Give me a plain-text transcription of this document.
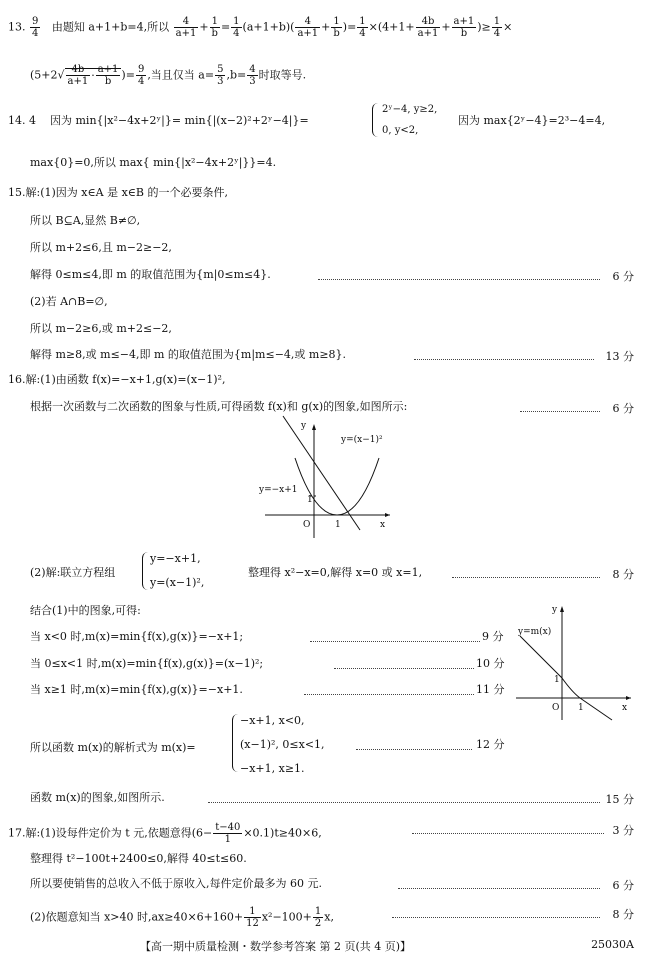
13. $\frac{9}{4}$ 由题知 a+1+b=4,所以 $\frac{4}{a+1} + \frac{1}{b} = \frac{1}{4} (a+1+b)( \frac{4}{a+1} + \frac{1}{b}$ )= $\frac{1}{4} \times(4+1+ \frac{4b}{a+1} + \frac{a+1}{b}$ )≥ $\frac{1}{4}$ ×
($5+2√ \frac{4b}{a+1} \cdot \frac{a+1}{b}$ )= $\frac{9}{4}$ ,当且仅当 $a= \frac{5}{3} ,b= \frac{4}{3}$ 时取等号.
14. 4 因为 min{|x²−4x+2ʸ|}= min{|(x−2)²+2ʸ−4|}=
2ʸ−4, y≥2,
0, y<2,
因为 max{2ʸ−4}=2³−4=4,
max{0}=0,所以 max{ min{|x²−4x+2ʸ|}}=4.
15.解:(1)因为 x∈A 是 x∈B 的一个必要条件,
所以 B⊆A,显然 B≠∅,
所以 m+2≤6,且 m−2≥−2,
解得 0≤m≤4,即 m 的取值范围为{m|0≤m≤4}.	6 分
(2)若 A∩B=∅,
所以 m−2≥6,或 m+2≤−2,
解得 m≥8,或 m≤−4,即 m 的取值范围为{m|m≤−4,或 m≥8}.	13 分
16.解:(1)由函数 f(x)=−x+1,g(x)=(x−1)²,
根据一次函数与二次函数的图象与性质,可得函数 f(x)和 g(x)的图象,如图所示:	6 分
y
x
O	1
1
y=(x−1)²
y=−x+1
(2)解:联立方程组
y=−x+1,
y=(x−1)²,
整理得 x²−x=0,解得 x=0 或 x=1,	8 分
结合(1)中的图象,可得:
当 x<0 时,m(x)=min{f(x),g(x)}=−x+1;	9 分
当 0≤x<1 时,m(x)=min{f(x),g(x)}=(x−1)²;	10 分
当 x≥1 时,m(x)=min{f(x),g(x)}=−x+1.	11 分
y
x
O 1
1
y=m(x)
所以函数 m(x)的解析式为 m(x)=
−x+1, x<0,
(x−1)², 0≤x<1,	12 分
−x+1, x≥1.
函数 m(x)的图象,如图所示.	15 分
17.解:(1)设每件定价为 t 元,依题意得$(6- \frac{t-40}{1} \times 0.1)t\ge 40\times 6$,	3 分
整理得 t²−100t+2400≤0,解得 40≤t≤60.
所以要使销售的总收入不低于原收入,每件定价最多为 60 元.	6 分
(2)依题意知当 x>40 时$,ax\ge 40\times 6+160+ \frac{1}{12} x^2-100+ \frac{1}{2} x$,	8 分
【高一期中质量检测・数学参考答案 第 2 页(共 4 页)】	25030A
